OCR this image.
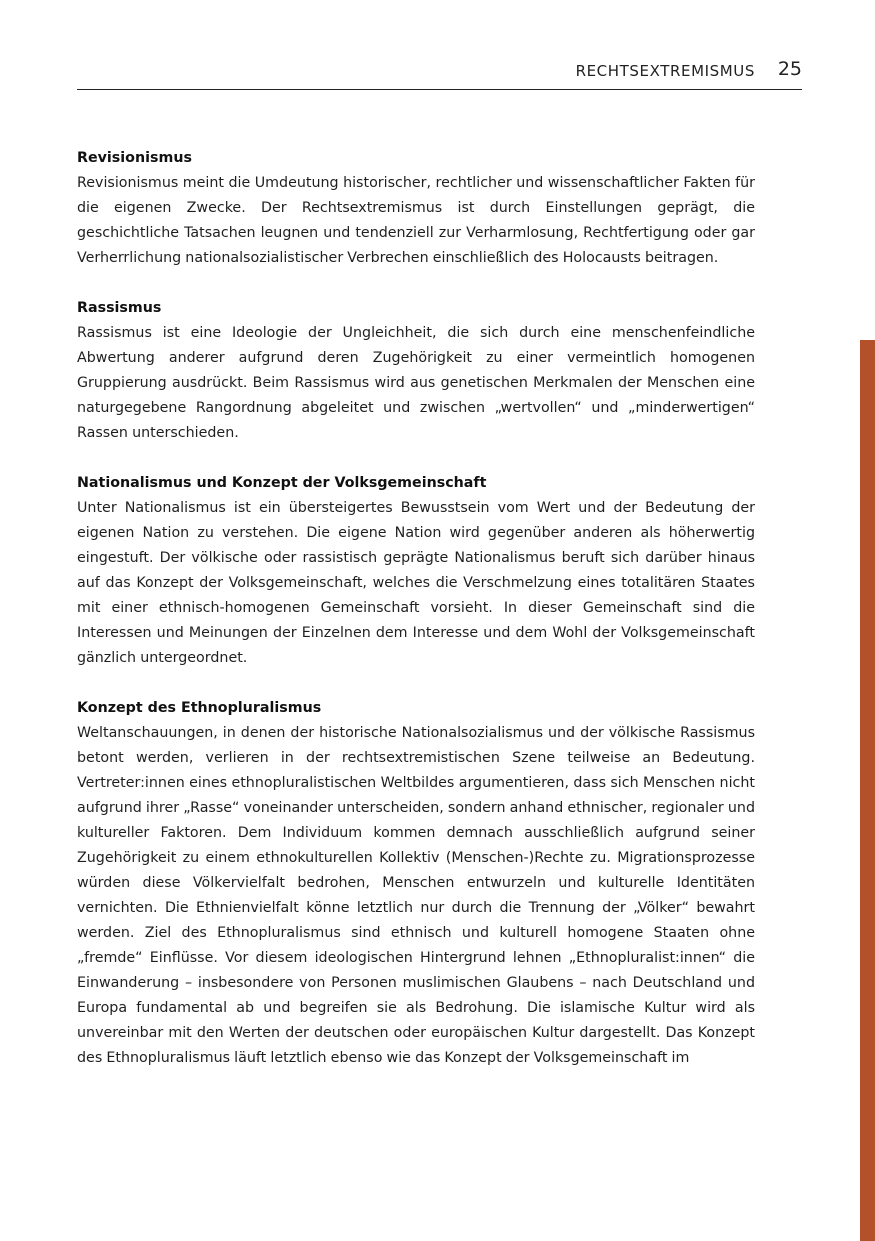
RECHTSEXTREMISMUS 25
Revisionismus

Revisionismus meint die Umdeutung historischer, rechtlicher und wissenschaftlicher Fakten für die eigenen Zwecke. Der Rechtsextremismus ist durch Einstellungen geprägt, die geschichtliche Tatsachen leugnen und tendenziell zur Verharmlosung, Rechtfertigung oder gar Verherrlichung nationalsozialistischer Verbrechen einschließlich des Holocausts beitragen.

Rassismus

Rassismus ist eine Ideologie der Ungleichheit, die sich durch eine menschenfeindliche Abwertung anderer aufgrund deren Zugehörigkeit zu einer vermeintlich homogenen Gruppierung ausdrückt. Beim Rassismus wird aus genetischen Merkmalen der Menschen eine naturgegebene Rangordnung abgeleitet und zwischen „wertvollen“ und „minderwertigen“ Rassen unterschieden.

Nationalismus und Konzept der Volksgemeinschaft

Unter Nationalismus ist ein übersteigertes Bewusstsein vom Wert und der Bedeutung der eigenen Nation zu verstehen. Die eigene Nation wird gegenüber anderen als höherwertig eingestuft. Der völkische oder rassistisch geprägte Nationalismus beruft sich darüber hinaus auf das Konzept der Volksgemeinschaft, welches die Verschmelzung eines totalitären Staates mit einer ethnisch-homogenen Gemeinschaft vorsieht. In dieser Gemeinschaft sind die Interessen und Meinungen der Einzelnen dem Interesse und dem Wohl der Volksgemeinschaft gänzlich untergeordnet.

Konzept des Ethnopluralismus

Weltanschauungen, in denen der historische Nationalsozialismus und der völkische Rassismus betont werden, verlieren in der rechtsextremistischen Szene teilweise an Bedeutung. Vertreter:innen eines ethnopluralistischen Weltbildes argumentieren, dass sich Menschen nicht aufgrund ihrer „Rasse“ voneinander unterscheiden, sondern anhand ethnischer, regionaler und kultureller Faktoren. Dem Individuum kommen demnach ausschließlich aufgrund seiner Zugehörigkeit zu einem ethnokulturellen Kollektiv (Menschen-)Rechte zu. Migrationsprozesse würden diese Völkervielfalt bedrohen, Menschen entwurzeln und kulturelle Identitäten vernichten. Die Ethnienvielfalt könne letztlich nur durch die Trennung der „Völker“ bewahrt werden. Ziel des Ethnopluralismus sind ethnisch und kulturell homogene Staaten ohne „fremde“ Einflüsse. Vor diesem ideologischen Hintergrund lehnen „Ethnopluralist:innen“ die Einwanderung – insbesondere von Personen muslimischen Glaubens – nach Deutschland und Europa fundamental ab und begreifen sie als Bedrohung. Die islamische Kultur wird als unvereinbar mit den Werten der deutschen oder europäischen Kultur dargestellt. Das Konzept des Ethnopluralismus läuft letztlich ebenso wie das Konzept der Volksgemeinschaft im
